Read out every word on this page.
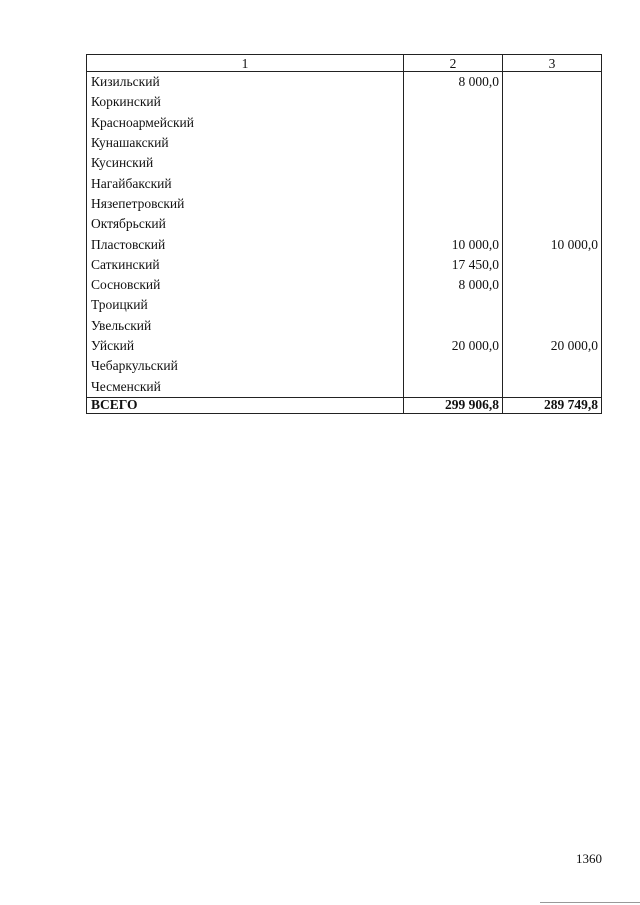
1	2	3
Кизильский	8 000,0	
Коркинский		
Красноармейский		
Кунашакский		
Кусинский		
Нагайбакский		
Нязепетровский		
Октябрьский		
Пластовский	10 000,0	10 000,0
Саткинский	17 450,0	
Сосновский	8 000,0	
Троицкий		
Увельский		
Уйский	20 000,0	20 000,0
Чебаркульский		
Чесменский		
ВСЕГО	299 906,8	289 749,8
1360
